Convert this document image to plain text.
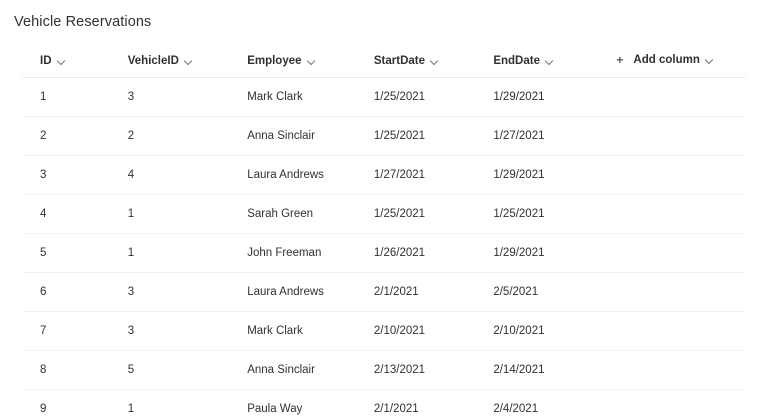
Vehicle Reservations
ID	VehicleID	Employee	StartDate	EndDate	+ Add column

1	3	Mark Clark	1/25/2021	1/29/2021	
2	2	Anna Sinclair	1/25/2021	1/27/2021	
3	4	Laura Andrews	1/27/2021	1/29/2021	
4	1	Sarah Green	1/25/2021	1/25/2021	
5	1	John Freeman	1/26/2021	1/29/2021	
6	3	Laura Andrews	2/1/2021	2/5/2021	
7	3	Mark Clark	2/10/2021	2/10/2021	
8	5	Anna Sinclair	2/13/2021	2/14/2021	
9	1	Paula Way	2/1/2021	2/4/2021	
